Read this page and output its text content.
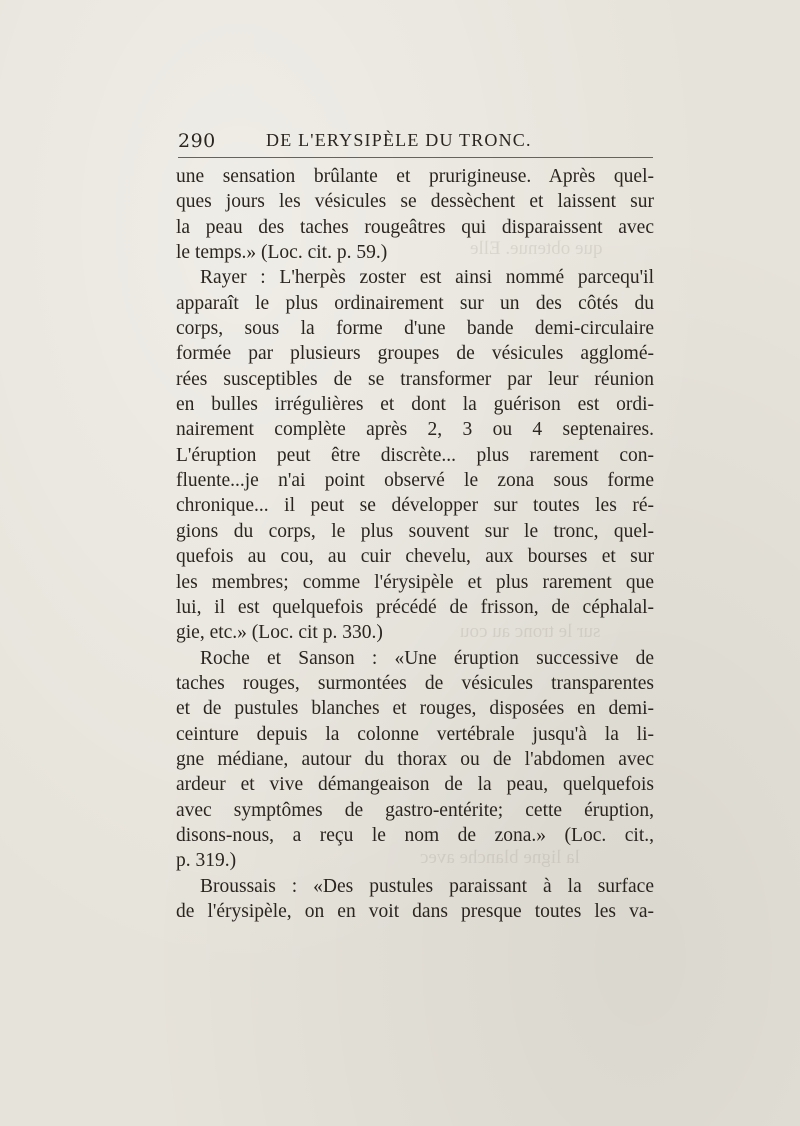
que obtenue. Elle
sur le tronc au cou
la ligne blanche avec
290	DE L'ERYSIPÈLE DU TRONC.
une sensation brûlante et prurigineuse. Après quel-
ques jours les vésicules se dessèchent et laissent sur
la peau des taches rougeâtres qui disparaissent avec
le temps.» (Loc. cit. p. 59.)
Rayer : L'herpès zoster est ainsi nommé parcequ'il
apparaît le plus ordinairement sur un des côtés du
corps, sous la forme d'une bande demi-circulaire
formée par plusieurs groupes de vésicules agglomé-
rées susceptibles de se transformer par leur réunion
en bulles irrégulières et dont la guérison est ordi-
nairement complète après 2, 3 ou 4 septenaires.
L'éruption peut être discrète... plus rarement con-
fluente...je n'ai point observé le zona sous forme
chronique... il peut se développer sur toutes les ré-
gions du corps, le plus souvent sur le tronc, quel-
quefois au cou, au cuir chevelu, aux bourses et sur
les membres; comme l'érysipèle et plus rarement que
lui, il est quelquefois précédé de frisson, de céphalal-
gie, etc.» (Loc. cit p. 330.)
Roche et Sanson : «Une éruption successive de
taches rouges, surmontées de vésicules transparentes
et de pustules blanches et rouges, disposées en demi-
ceinture depuis la colonne vertébrale jusqu'à la li-
gne médiane, autour du thorax ou de l'abdomen avec
ardeur et vive démangeaison de la peau, quelquefois
avec symptômes de gastro-entérite; cette éruption,
disons-nous, a reçu le nom de zona.» (Loc. cit.,
p. 319.)
Broussais : «Des pustules paraissant à la surface
de l'érysipèle, on en voit dans presque toutes les va-
